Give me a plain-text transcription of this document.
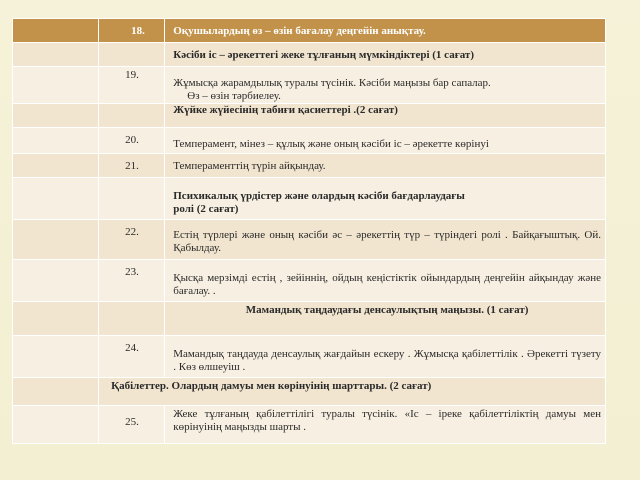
	18.	Оқушылардың өз – өзін бағалау деңгейін анықтау.
		Кәсіби іс – әрекеттегі жеке тұлғаның мүмкіндіктері (1 сағат)
	19.	Жұмысқа жарамдылық туралы түсінік. Кәсіби маңызы бар сапалар.
Өз – өзін тәрбиелеу.

		Жүйке жүйесінің табиғи қасиеттері .(2 сағат)
	20.	Темперамент, мінез – құлық және оның кәсіби іс – әрекетте көрінуі
	21.	Темпераменттің түрін айқындау.

		Психикалық үрдістер және олардың кәсіби бағдарлаудағы
ролі (2 сағат)

	22.	Естің түрлері және оның кәсіби әс – әрекеттің түр – түріндегі ролі . Байқағыштық. Ой. Қабылдау.
	23.	Қысқа мерзімді естің , зейіннің, ойдың кеңістіктік ойындардың деңгейін айқындау және бағалау. .
		Мамандық таңдаудағы денсаулықтың маңызы. (1 сағат)
	24.	Мамандық таңдауда денсаулық жағдайын ескеру . Жұмысқа қабілеттілік . Әрекетті түзету . Көз өлшеуіш .
	Қабілеттер. Олардың дамуы мен көрінуінің шарттары. (2 сағат)	
	25.	Жеке тұлғаның қабілеттілігі туралы түсінік. «Іс – іреке қабілеттіліктің дамуы мен көрінуінің маңызды шарты .
